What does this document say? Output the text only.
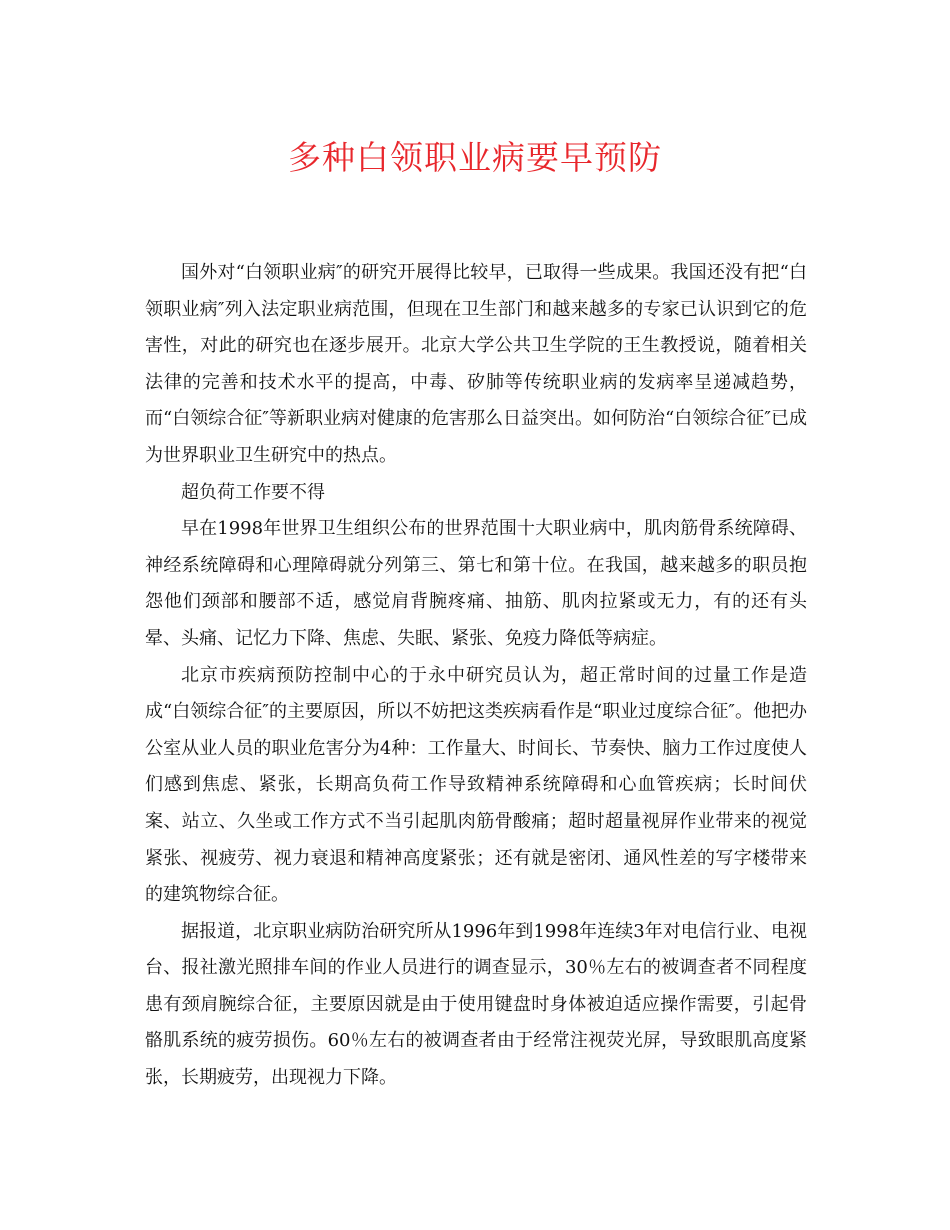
多种白领职业病要早预防

国外对“白领职业病″的研究开展得比较早，已取得一些成果。我国还没有把“白领职业病″列入法定职业病范围，但现在卫生部门和越来越多的专家已认识到它的危害性，对此的研究也在逐步展开。北京大学公共卫生学院的王生教授说，随着相关法律的完善和技术水平的提高，中毒、矽肺等传统职业病的发病率呈递减趋势，而“白领综合征″等新职业病对健康的危害那么日益突出。如何防治“白领综合征″已成为世界职业卫生研究中的热点。

超负荷工作要不得

早在1998年世界卫生组织公布的世界范围十大职业病中，肌肉筋骨系统障碍、神经系统障碍和心理障碍就分列第三、第七和第十位。在我国，越来越多的职员抱怨他们颈部和腰部不适，感觉肩背腕疼痛、抽筋、肌肉拉紧或无力，有的还有头晕、头痛、记忆力下降、焦虑、失眠、紧张、免疫力降低等病症。

北京市疾病预防控制中心的于永中研究员认为，超正常时间的过量工作是造成“白领综合征″的主要原因，所以不妨把这类疾病看作是“职业过度综合征″。他把办公室从业人员的职业危害分为4种：工作量大、时间长、节奏快、脑力工作过度使人们感到焦虑、紧张，长期高负荷工作导致精神系统障碍和心血管疾病；长时间伏案、站立、久坐或工作方式不当引起肌肉筋骨酸痛；超时超量视屏作业带来的视觉紧张、视疲劳、视力衰退和精神高度紧张；还有就是密闭、通风性差的写字楼带来的建筑物综合征。

据报道，北京职业病防治研究所从1996年到1998年连续3年对电信行业、电视台、报社激光照排车间的作业人员进行的调查显示，30％左右的被调查者不同程度患有颈肩腕综合征，主要原因就是由于使用键盘时身体被迫适应操作需要，引起骨骼肌系统的疲劳损伤。60％左右的被调查者由于经常注视荧光屏，导致眼肌高度紧张，长期疲劳，出现视力下降。
